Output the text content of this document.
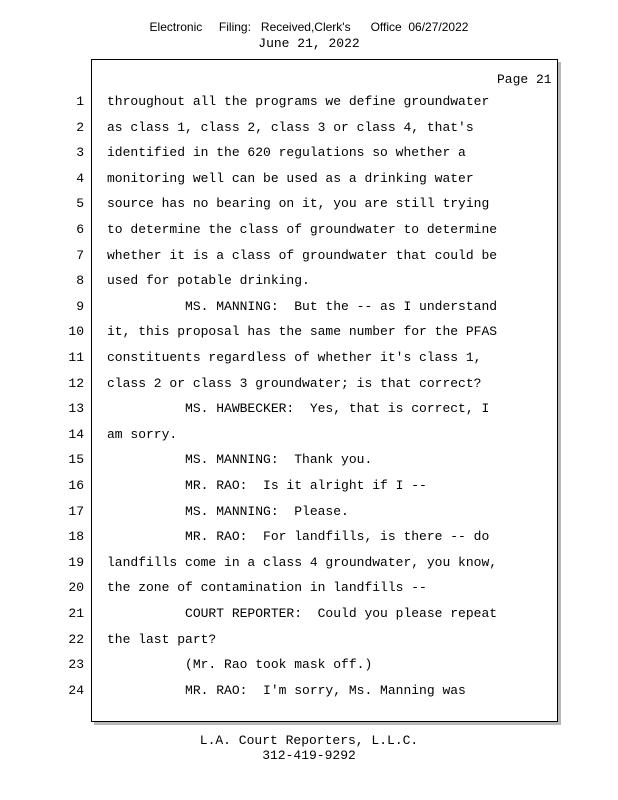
Electronic     Filing:   Received,Clerk's      Office  06/27/2022
June 21, 2022
Page 21
1 throughout all the programs we define groundwater
2 as class 1, class 2, class 3 or class 4, that's
3 identified in the 620 regulations so whether a
4 monitoring well can be used as a drinking water
5 source has no bearing on it, you are still trying
6 to determine the class of groundwater to determine
7 whether it is a class of groundwater that could be
8 used for potable drinking.
9 MS. MANNING:  But the -- as I understand
10 it, this proposal has the same number for the PFAS
11 constituents regardless of whether it's class 1,
12 class 2 or class 3 groundwater; is that correct?
13 MS. HAWBECKER:  Yes, that is correct, I
14 am sorry.
15 MS. MANNING:  Thank you.
16 MR. RAO:  Is it alright if I --
17 MS. MANNING:  Please.
18 MR. RAO:  For landfills, is there -- do
19 landfills come in a class 4 groundwater, you know,
20 the zone of contamination in landfills --
21 COURT REPORTER:  Could you please repeat
22 the last part?
23 (Mr. Rao took mask off.)
24 MR. RAO:  I'm sorry, Ms. Manning was
L.A. Court Reporters, L.L.C.
312-419-9292
